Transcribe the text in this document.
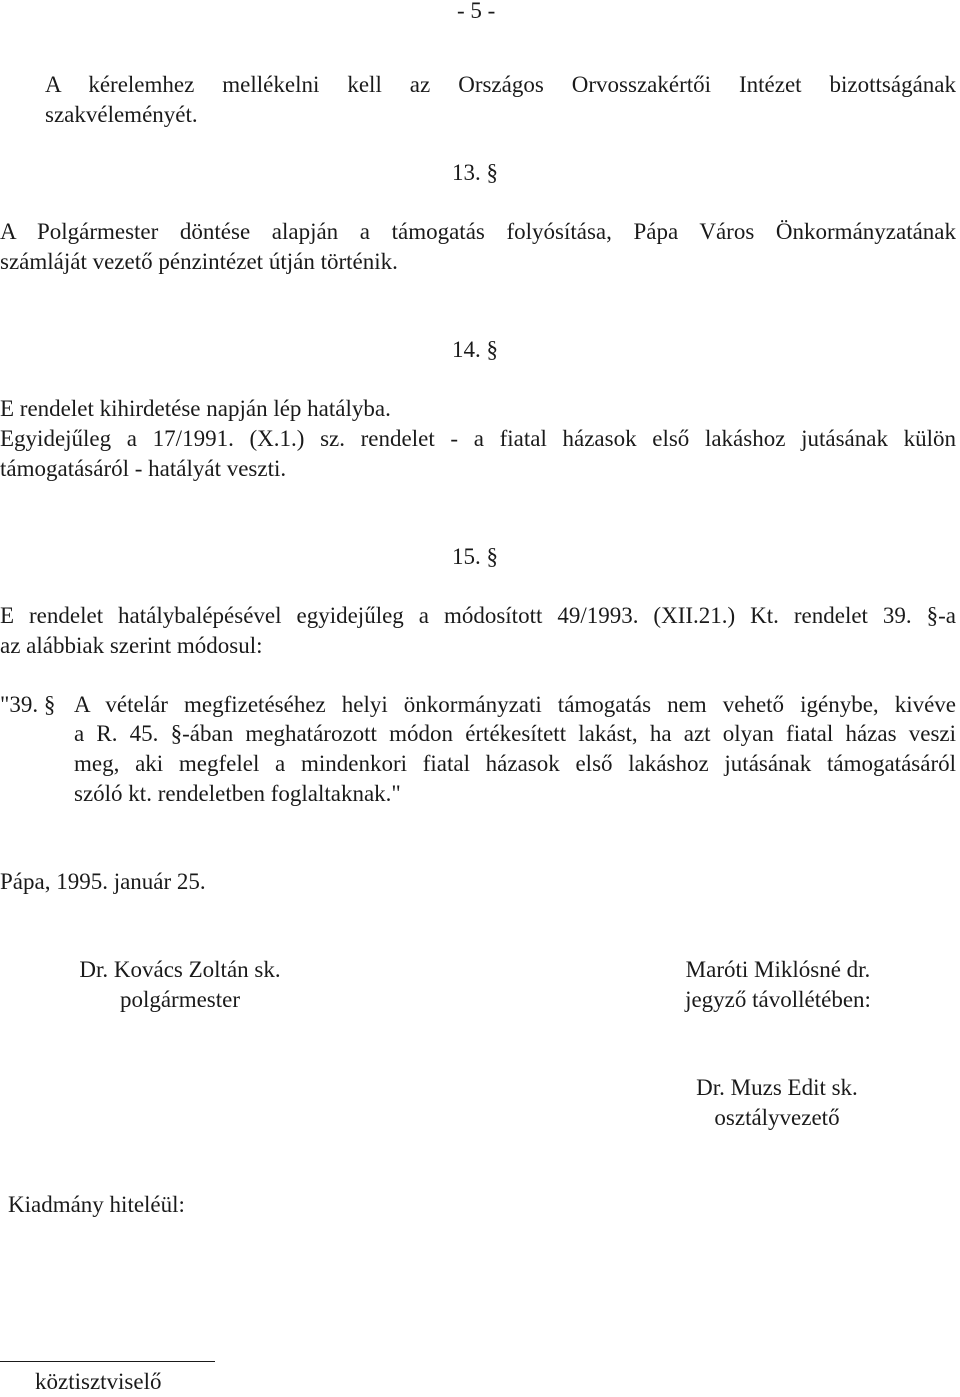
- 5 -
A kérelemhez mellékelni kell az Országos Orvosszakértői Intézet bizottságának
szakvéleményét.
13. §
A Polgármester döntése alapján a támogatás folyósítása, Pápa Város Önkormányzatának
számláját vezető pénzintézet útján történik.
14. §
E rendelet kihirdetése napján lép hatályba.
Egyidejűleg a 17/1991. (X.1.) sz. rendelet - a fiatal házasok első lakáshoz jutásának külön
támogatásáról - hatályát veszti.
15. §
E rendelet hatálybalépésével egyidejűleg a módosított 49/1993. (XII.21.) Kt. rendelet 39. §-a
az alábbiak szerint módosul:
"39. § A vételár megfizetéséhez helyi önkormányzati támogatás nem vehető igénybe, kivéve
a R. 45. §-ában meghatározott módon értékesített lakást, ha azt olyan fiatal házas veszi
meg, aki megfelel a mindenkori fiatal házasok első lakáshoz jutásának támogatásáról
szóló kt. rendeletben foglaltaknak."
Pápa, 1995. január 25.
Dr. Kovács Zoltán sk.
polgármester
Maróti Miklósné dr.
jegyző távollétében:
Dr. Muzs Edit sk.
osztályvezető
Kiadmány hiteléül:
köztisztviselő
